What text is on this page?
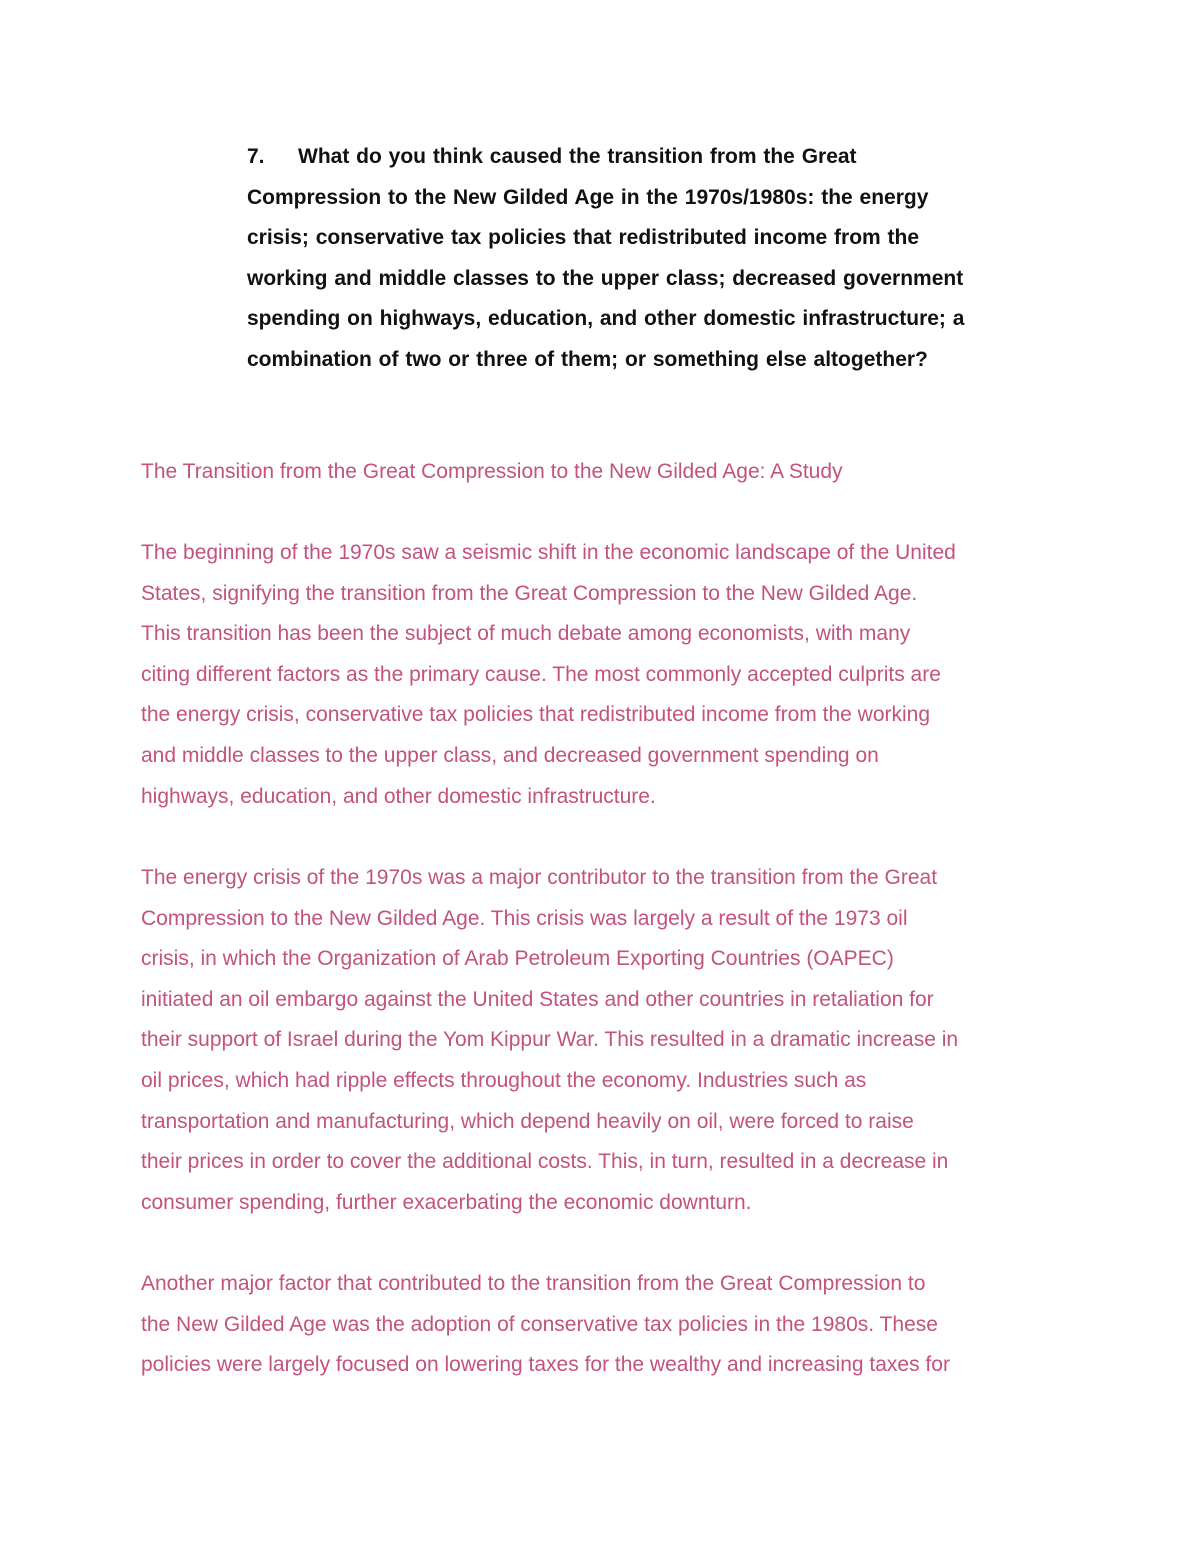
7. What do you think caused the transition from the Great
Compression to the New Gilded Age in the 1970s/1980s: the energy
crisis; conservative tax policies that redistributed income from the
working and middle classes to the upper class; decreased government
spending on highways, education, and other domestic infrastructure; a
combination of two or three of them; or something else altogether?

The Transition from the Great Compression to the New Gilded Age: A Study

The beginning of the 1970s saw a seismic shift in the economic landscape of the United
States, signifying the transition from the Great Compression to the New Gilded Age.
This transition has been the subject of much debate among economists, with many
citing different factors as the primary cause. The most commonly accepted culprits are
the energy crisis, conservative tax policies that redistributed income from the working
and middle classes to the upper class, and decreased government spending on
highways, education, and other domestic infrastructure.

The energy crisis of the 1970s was a major contributor to the transition from the Great
Compression to the New Gilded Age. This crisis was largely a result of the 1973 oil
crisis, in which the Organization of Arab Petroleum Exporting Countries (OAPEC)
initiated an oil embargo against the United States and other countries in retaliation for
their support of Israel during the Yom Kippur War. This resulted in a dramatic increase in
oil prices, which had ripple effects throughout the economy. Industries such as
transportation and manufacturing, which depend heavily on oil, were forced to raise
their prices in order to cover the additional costs. This, in turn, resulted in a decrease in
consumer spending, further exacerbating the economic downturn.

Another major factor that contributed to the transition from the Great Compression to
the New Gilded Age was the adoption of conservative tax policies in the 1980s. These
policies were largely focused on lowering taxes for the wealthy and increasing taxes for
